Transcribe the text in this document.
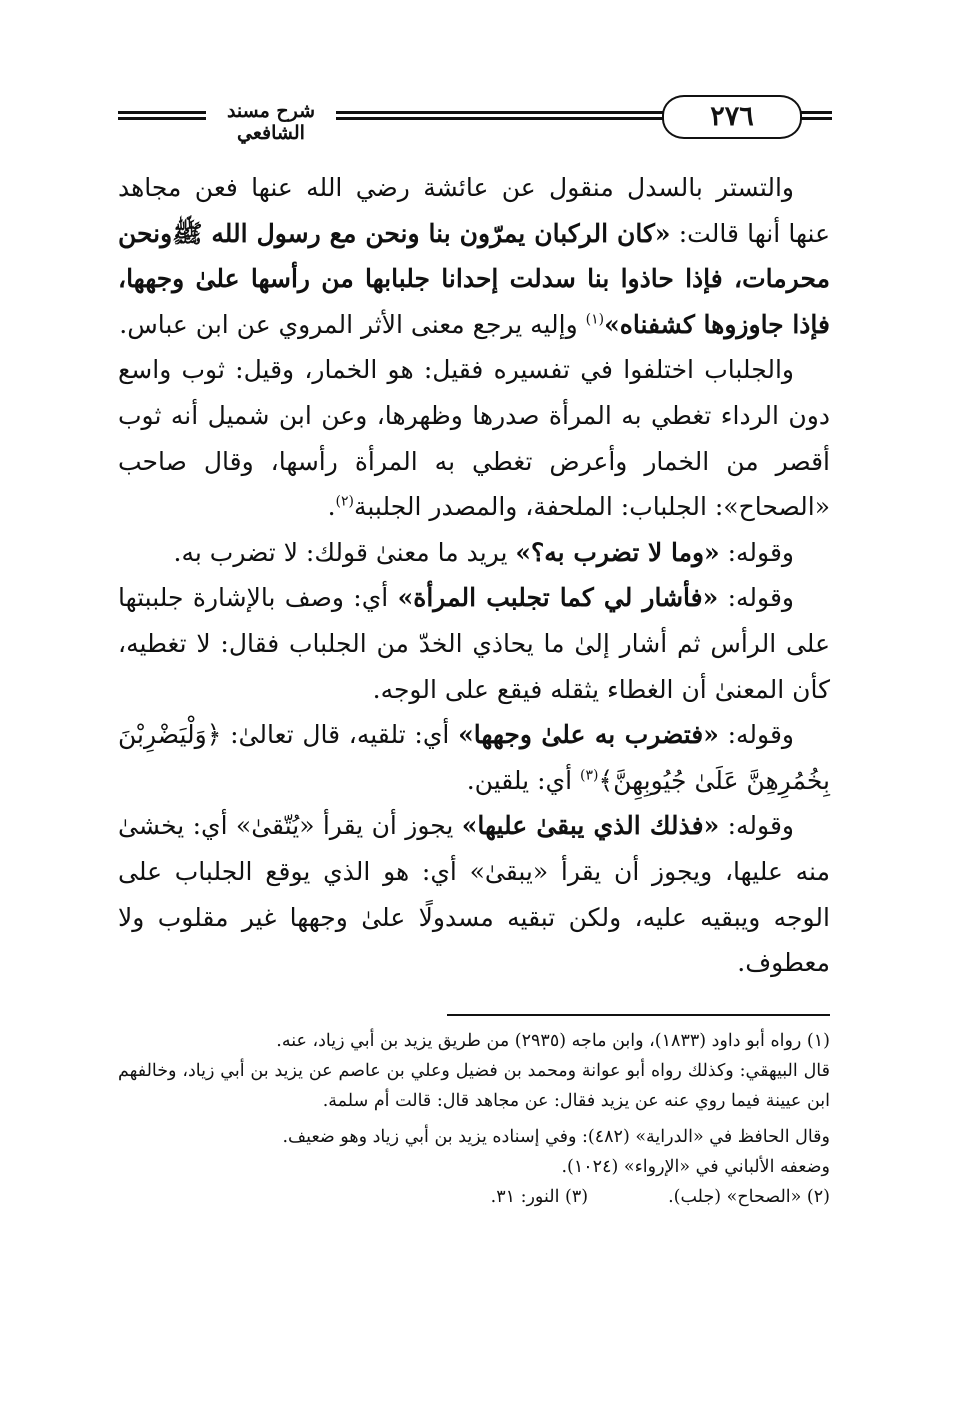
شرح مسند الشافعي
٢٧٦

والتستر بالسدل منقول عن عائشة رضي الله عنها فعن مجاهد عنها أنها قالت: «كان الركبان يمرّون بنا ونحن مع رسول الله ﷺونحن محرمات، فإذا حاذوا بنا سدلت إحدانا جلبابها من رأسها علىٰ وجهها، فإذا جاوزوها كشفناه»$^{(١)}$ وإليه يرجع معنى الأثر المروي عن ابن عباس.

والجلباب اختلفوا في تفسيره فقيل: هو الخمار، وقيل: ثوب واسع دون الرداء تغطي به المرأة صدرها وظهرها، وعن ابن شميل أنه ثوب أقصر من الخمار وأعرض تغطي به المرأة رأسها، وقال صاحب «الصحاح»: الجلباب: الملحفة، والمصدر الجلببة$^{(٢)}$.

وقوله: «وما لا تضرب به؟» يريد ما معنىٰ قولك: لا تضرب به.

وقوله: «فأشار لي كما تجلبب المرأة» أي: وصف بالإشارة جلببتها على الرأس ثم أشار إلىٰ ما يحاذي الخدّ من الجلباب فقال: لا تغطيه، كأن المعنىٰ أن الغطاء يثقله فيقع على الوجه.

وقوله: «فتضرب به علىٰ وجهها» أي: تلقيه، قال تعالىٰ: ﴿وَلْيَضْرِبْنَ بِخُمُرِهِنَّ عَلَىٰ جُيُوبِهِنَّ﴾$^{(٣)}$ أي: يلقين.

وقوله: «فذلك الذي يبقىٰ عليها» يجوز أن يقرأ «يُتّقىٰ» أي: يخشىٰ منه عليها، ويجوز أن يقرأ «يبقىٰ» أي: هو الذي يوقع الجلباب على الوجه ويبقيه عليه، ولكن تبقيه مسدولًا علىٰ وجهها غير مقلوب ولا معطوف.

(١) رواه أبو داود (١٨٣٣)، وابن ماجه (٢٩٣٥) من طريق يزيد بن أبي زياد، عنه.

قال البيهقي: وكذلك رواه أبو عوانة ومحمد بن فضيل وعلي بن عاصم عن يزيد بن أبي زياد، وخالفهم ابن عيينة فيما روي عنه عن يزيد فقال: عن مجاهد قال: قالت أم سلمة.

وقال الحافظ في «الدراية» (٤٨٢): وفي إسناده يزيد بن أبي زياد وهو ضعيف.

وضعفه الألباني في «الإرواء» (١٠٢٤).

(٢) «الصحاح» (جلب).
(٣) النور: ٣١.
